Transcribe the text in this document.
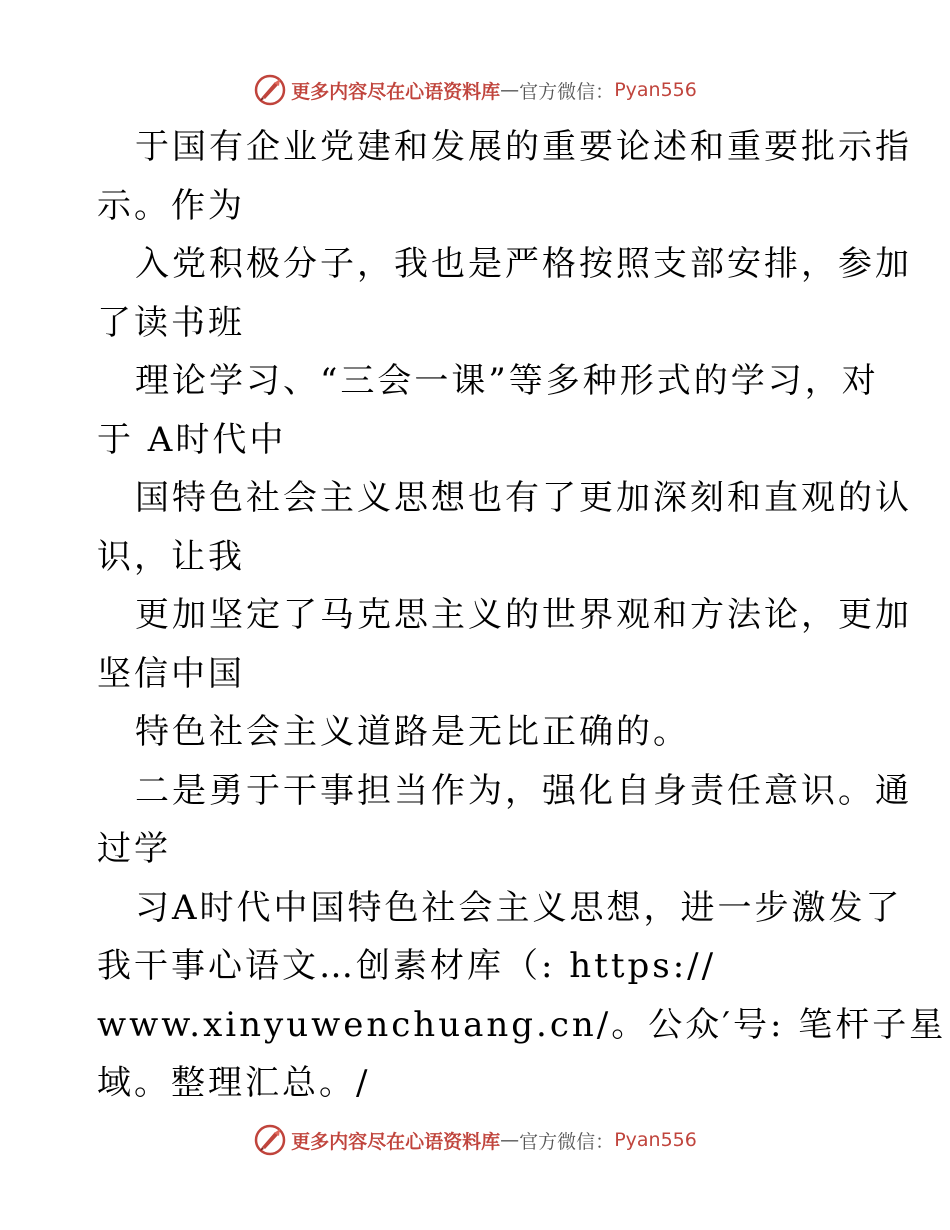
更多内容尽在心语资料库 — 官方微信： Pyan556
于国有企业党建和发展的重要论述和重要批示指
示。作为
入党积极分子，我也是严格按照支部安排，参加
了读书班
理论学习、“三会一课”等多种形式的学习，对
于 A时代中
国特色社会主义思想也有了更加深刻和直观的认
识，让我
更加坚定了马克思主义的世界观和方法论，更加
坚信中国
特色社会主义道路是无比正确的。
二是勇于干事担当作为，强化自身责任意识。通
过学
习A时代中国特色社会主义思想，进一步激发了
我干事心语文…创素材库（: https://
www.xinyuwenchuang.cn/。公众′号: 笔杆子星
域。整理汇总。/
更多内容尽在心语资料库 — 官方微信： Pyan556
